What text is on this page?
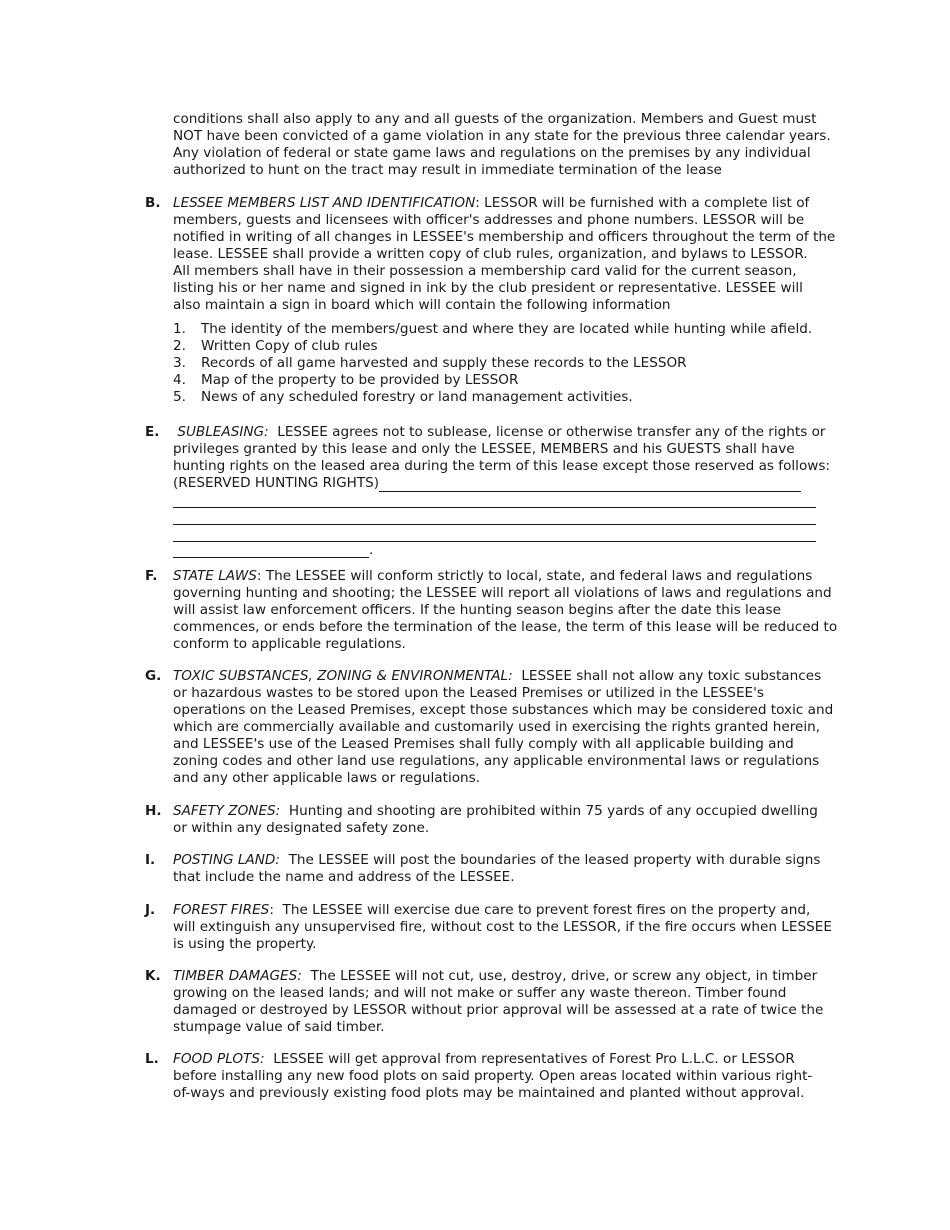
conditions shall also apply to any and all guests of the organization. Members and Guest must
NOT have been convicted of a game violation in any state for the previous three calendar years.
Any violation of federal or state game laws and regulations on the premises by any individual
authorized to hunt on the tract may result in immediate termination of the lease
B. LESSEE MEMBERS LIST AND IDENTIFICATION: LESSOR will be furnished with a complete list of
members, guests and licensees with officer's addresses and phone numbers. LESSOR will be
notified in writing of all changes in LESSEE's membership and officers throughout the term of the
lease. LESSEE shall provide a written copy of club rules, organization, and bylaws to LESSOR.
All members shall have in their possession a membership card valid for the current season,
listing his or her name and signed in ink by the club president or representative. LESSEE will
also maintain a sign in board which will contain the following information
1. The identity of the members/guest and where they are located while hunting while afield.
2. Written Copy of club rules
3. Records of all game harvested and supply these records to the LESSOR
4. Map of the property to be provided by LESSOR
5. News of any scheduled forestry or land management activities.
E.	SUBLEASING:  LESSEE agrees not to sublease, license or otherwise transfer any of the rights or
privileges granted by this lease and only the LESSEE, MEMBERS and his GUESTS shall have
hunting rights on the leased area during the term of this lease except those reserved as follows:
(RESERVED HUNTING RIGHTS)
.
F. STATE LAWS: The LESSEE will conform strictly to local, state, and federal laws and regulations
governing hunting and shooting; the LESSEE will report all violations of laws and regulations and
will assist law enforcement officers. If the hunting season begins after the date this lease
commences, or ends before the termination of the lease, the term of this lease will be reduced to
conform to applicable regulations.
G. TOXIC SUBSTANCES, ZONING & ENVIRONMENTAL:  LESSEE shall not allow any toxic substances
or hazardous wastes to be stored upon the Leased Premises or utilized in the LESSEE's
operations on the Leased Premises, except those substances which may be considered toxic and
which are commercially available and customarily used in exercising the rights granted herein,
and LESSEE's use of the Leased Premises shall fully comply with all applicable building and
zoning codes and other land use regulations, any applicable environmental laws or regulations
and any other applicable laws or regulations.
H. SAFETY ZONES:  Hunting and shooting are prohibited within 75 yards of any occupied dwelling
or within any designated safety zone.
I. POSTING LAND:  The LESSEE will post the boundaries of the leased property with durable signs
that include the name and address of the LESSEE.
J. FOREST FIRES:  The LESSEE will exercise due care to prevent forest fires on the property and,
will extinguish any unsupervised fire, without cost to the LESSOR, if the fire occurs when LESSEE
is using the property.
K. TIMBER DAMAGES:  The LESSEE will not cut, use, destroy, drive, or screw any object, in timber
growing on the leased lands; and will not make or suffer any waste thereon. Timber found
damaged or destroyed by LESSOR without prior approval will be assessed at a rate of twice the
stumpage value of said timber.
L. FOOD PLOTS:  LESSEE will get approval from representatives of Forest Pro L.L.C. or LESSOR
before installing any new food plots on said property. Open areas located within various right-
of-ways and previously existing food plots may be maintained and planted without approval.
